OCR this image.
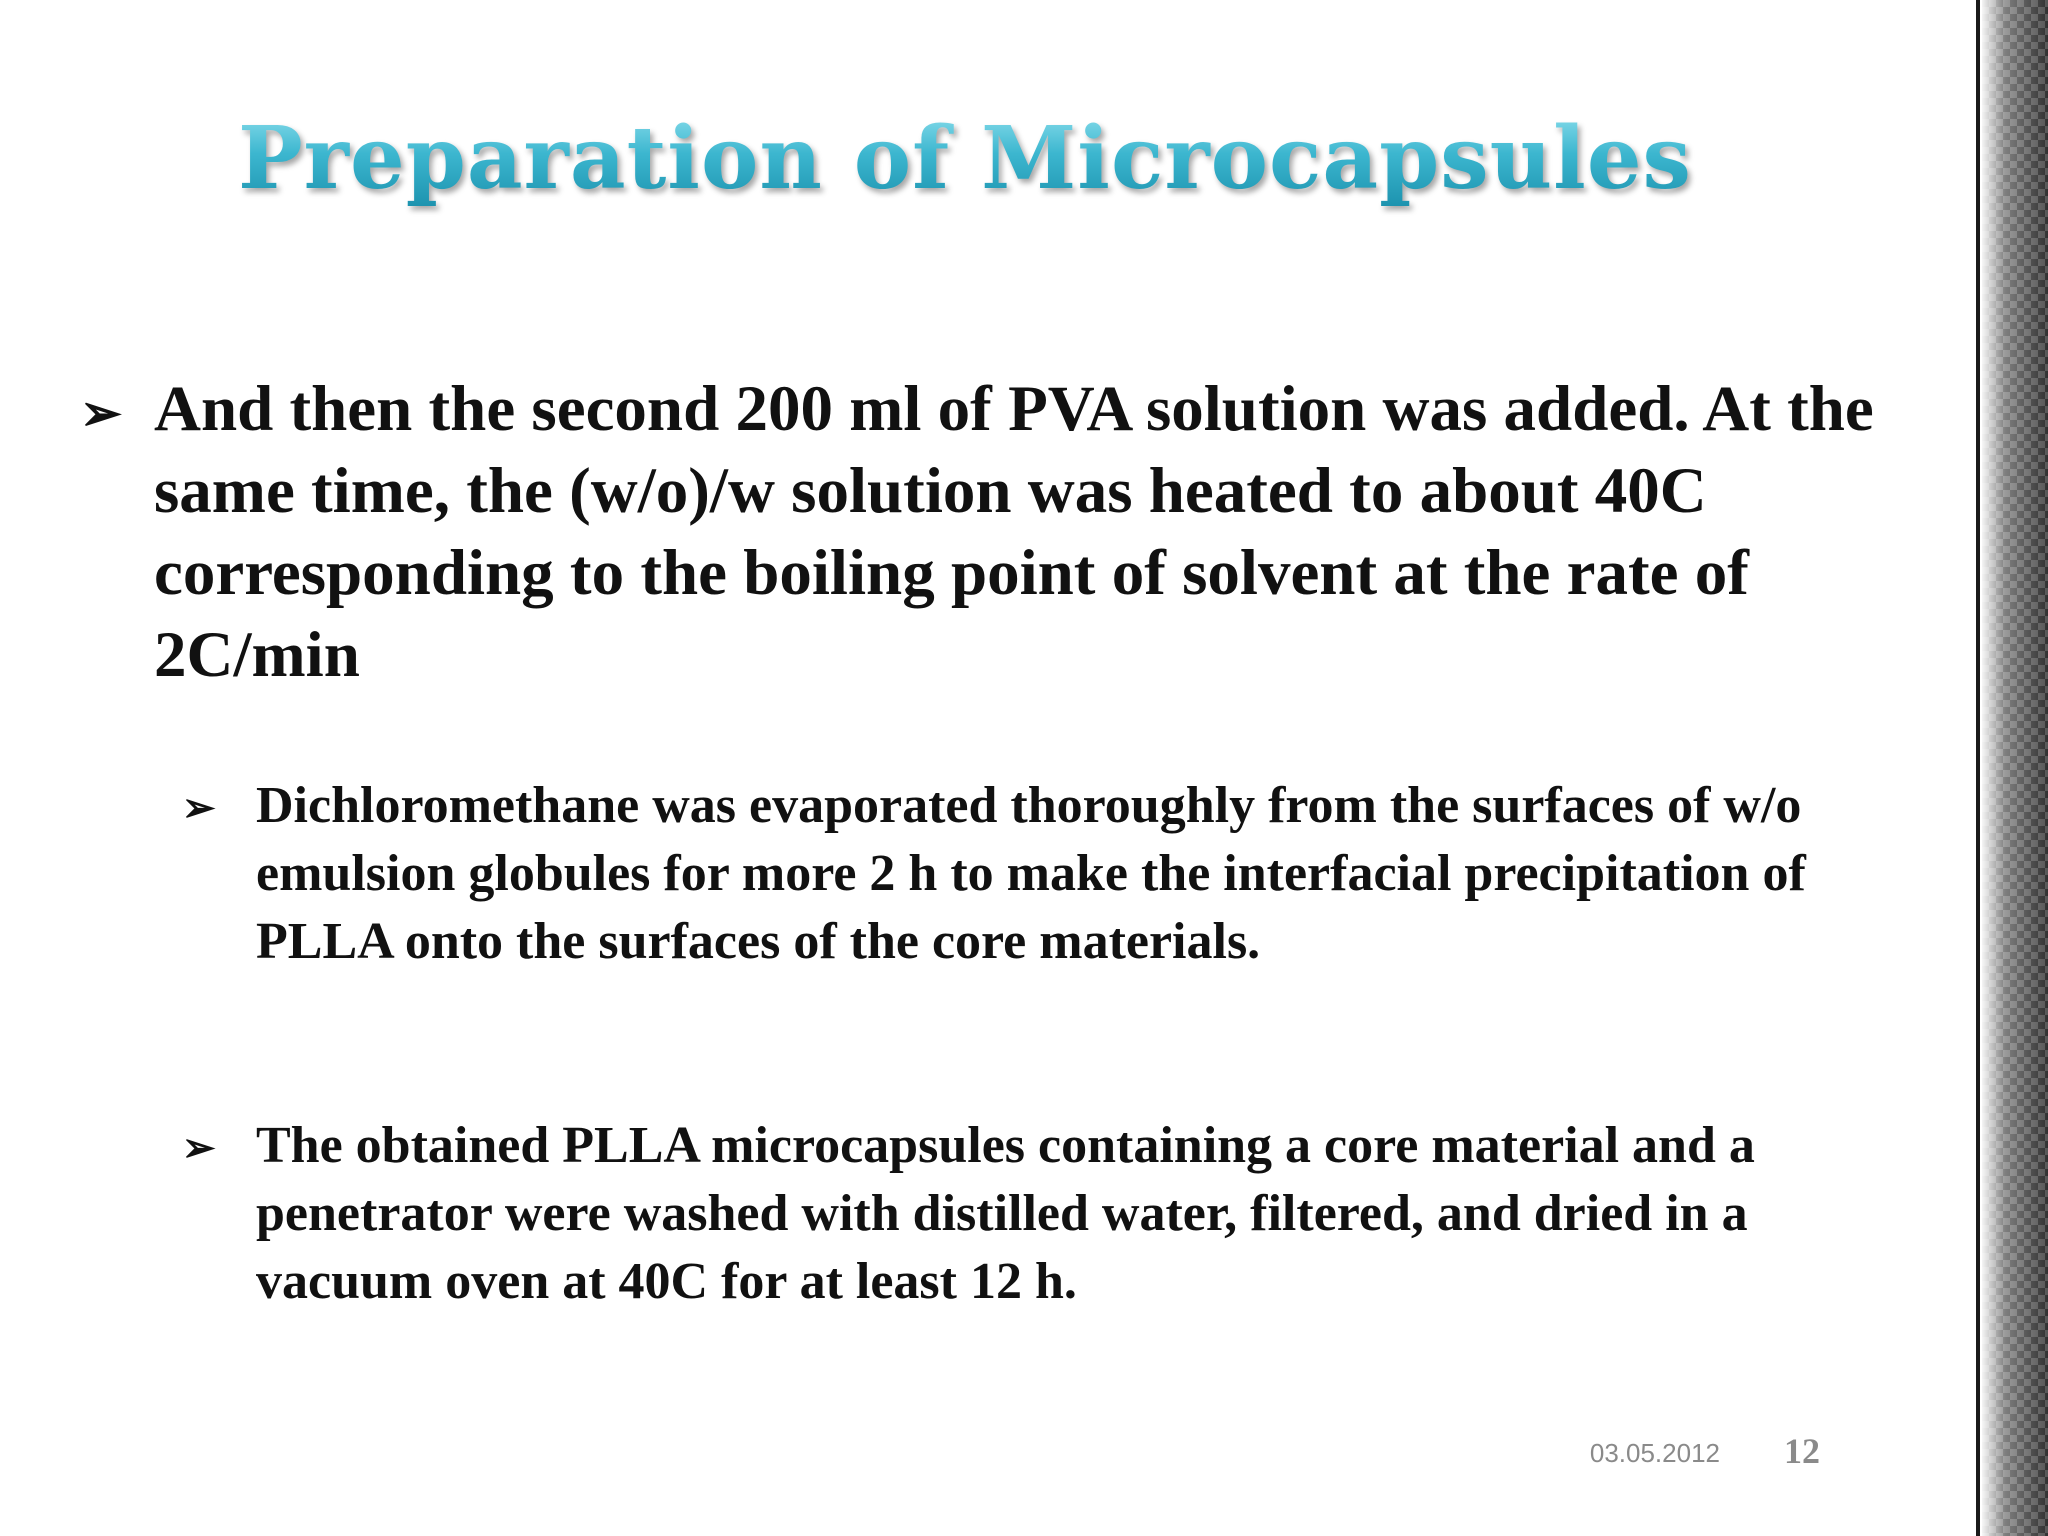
Preparation of Microcapsules
➢ And then the second 200 ml of PVA solution was added. At the same time, the (w/o)/w solution was heated to about 40C corresponding to the boiling point of solvent at the rate of 2C/min
➢ Dichloromethane was evaporated thoroughly from the surfaces of w/o emulsion globules for more 2 h to make the interfacial precipitation of PLLA onto the surfaces of the core materials.
➢ The obtained PLLA microcapsules containing a core material and a penetrator were washed with distilled water, filtered, and dried in a vacuum oven at 40C for at least 12 h.
03.05.2012	12
